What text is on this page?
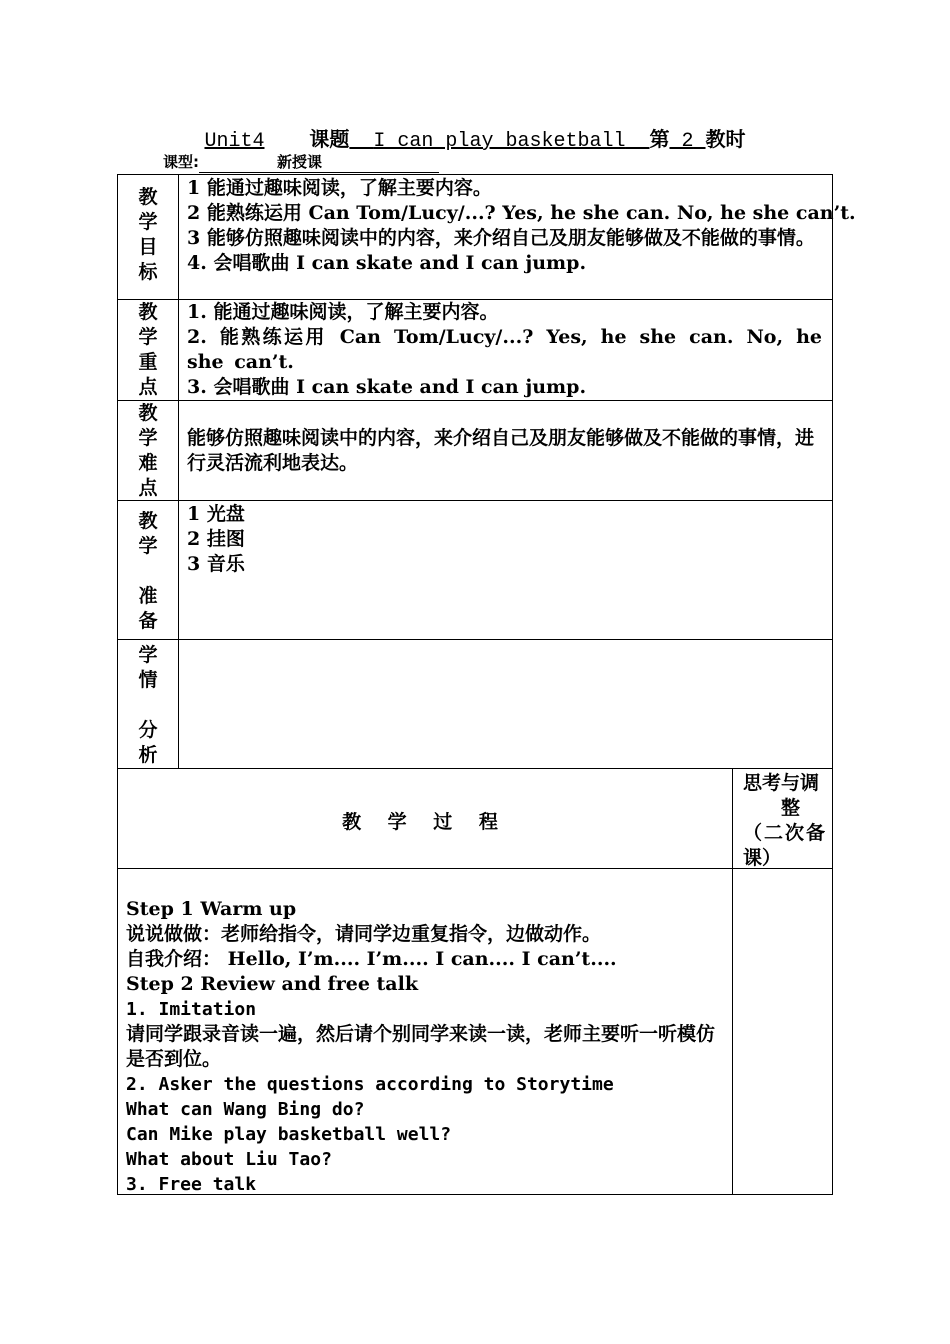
Unit4 课题 I can play basketball 第 2 教时
课型:	新授课
教
学
目
标
1 能通过趣味阅读，了解主要内容。
2 能熟练运用 Can Tom/Lucy/...? Yes, he she can. No, he she can’t.
3 能够仿照趣味阅读中的内容，来介绍自己及朋友能够做及不能做的事情。
4. 会唱歌曲 I can skate and I can jump.
教
学
重
点
1. 能通过趣味阅读，了解主要内容。
2. 能熟练运用 Can Tom/Lucy/...? Yes, he she can. No, he she can’t.
3. 会唱歌曲 I can skate and I can jump.
教
学
难
点
能够仿照趣味阅读中的内容，来介绍自己及朋友能够做及不能做的事情，进行灵活流利地表达。
教
学
准
备
1 光盘
2 挂图
3 音乐
学
情
分
析
教 学 过 程
思考与调
整
（二次备
课）
Step 1 Warm up
说说做做：老师给指令，请同学边重复指令，边做动作。
自我介绍： Hello, I’m.... I’m.... I can.... I can’t....
Step 2 Review and free talk
1. Imitation
请同学跟录音读一遍，然后请个别同学来读一读，老师主要听一听模仿是否到位。
2. Asker the questions according to Storytime
What can Wang Bing do?
Can Mike play basketball well?
What about Liu Tao?
3. Free talk
